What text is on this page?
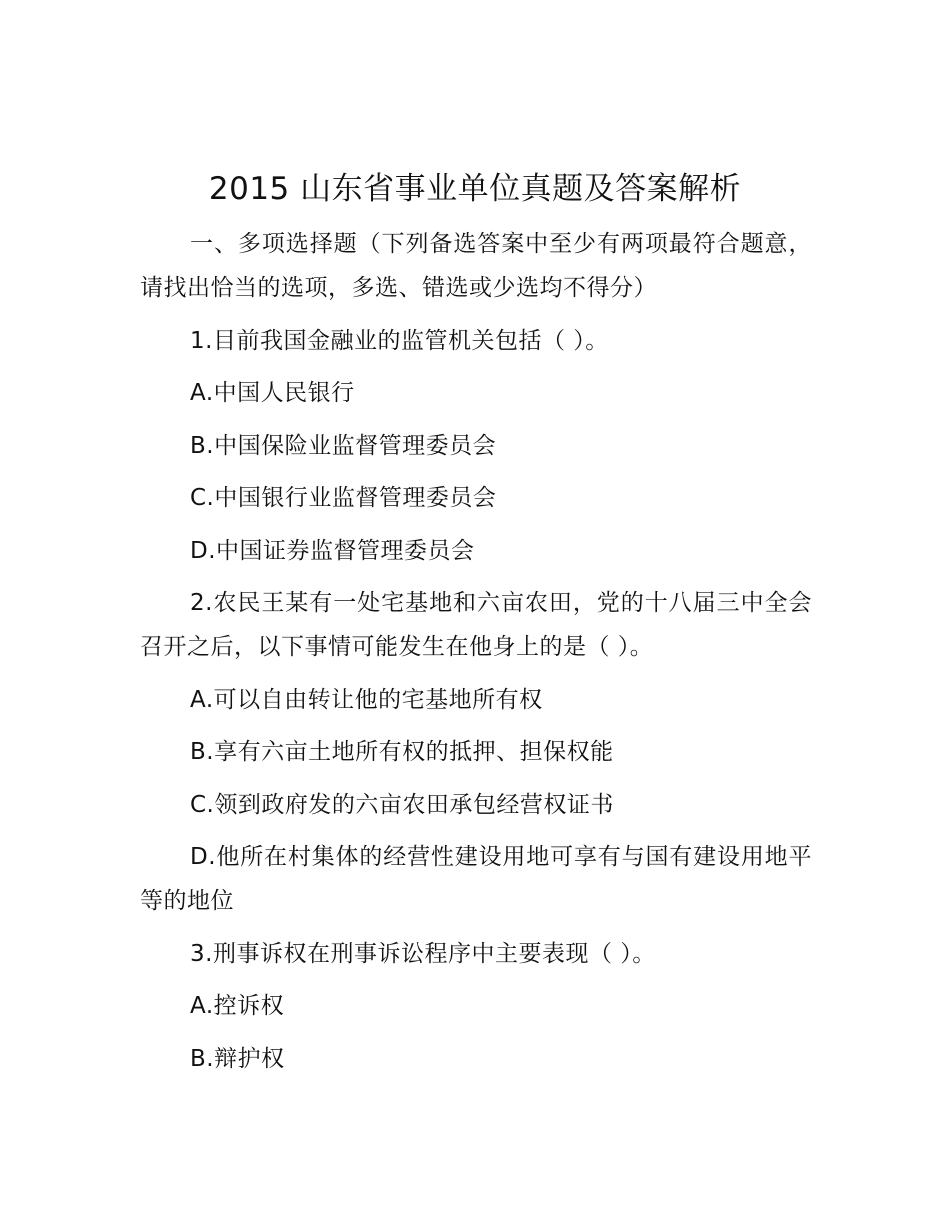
2015 山东省事业单位真题及答案解析

一、多项选择题（下列备选答案中至少有两项最符合题意，请找出恰当的选项，多选、错选或少选均不得分）

1.目前我国金融业的监管机关包括（ ）。

A.中国人民银行

B.中国保险业监督管理委员会

C.中国银行业监督管理委员会

D.中国证券监督管理委员会

2.农民王某有一处宅基地和六亩农田，党的十八届三中全会召开之后，以下事情可能发生在他身上的是（ ）。

A.可以自由转让他的宅基地所有权

B.享有六亩土地所有权的抵押、担保权能

C.领到政府发的六亩农田承包经营权证书

D.他所在村集体的经营性建设用地可享有与国有建设用地平等的地位

3.刑事诉权在刑事诉讼程序中主要表现（ ）。

A.控诉权

B.辩护权
